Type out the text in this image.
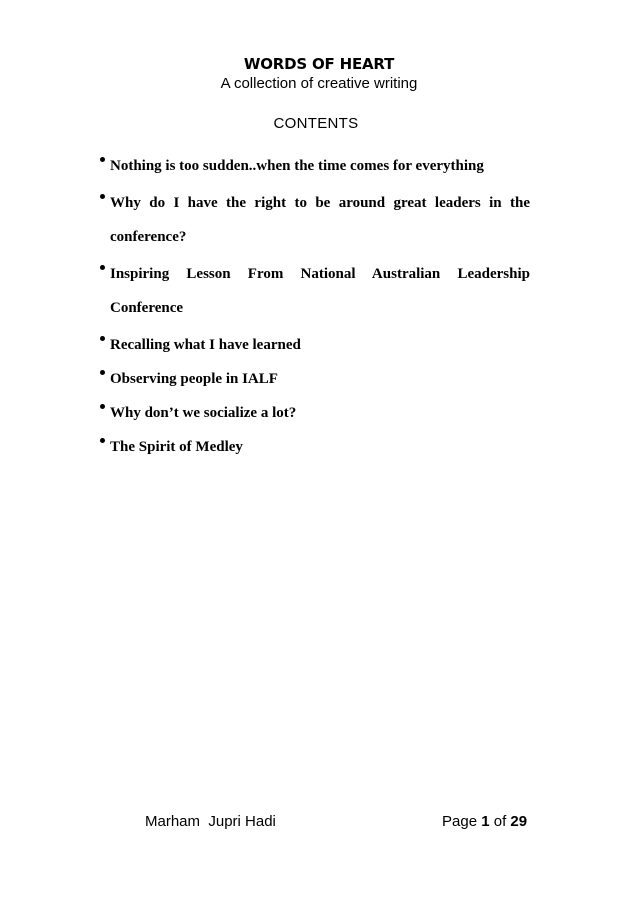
WORDS OF HEART
A collection of creative writing
CONTENTS
Nothing is too sudden..when the time comes for everything
Why do I have the right to be around great leaders in the conference?
Inspiring Lesson From National Australian Leadership Conference
Recalling what I have learned
Observing people in IALF
Why don’t we socialize a lot?
The Spirit of Medley
Marham  Jupri Hadi	Page 1 of 29
